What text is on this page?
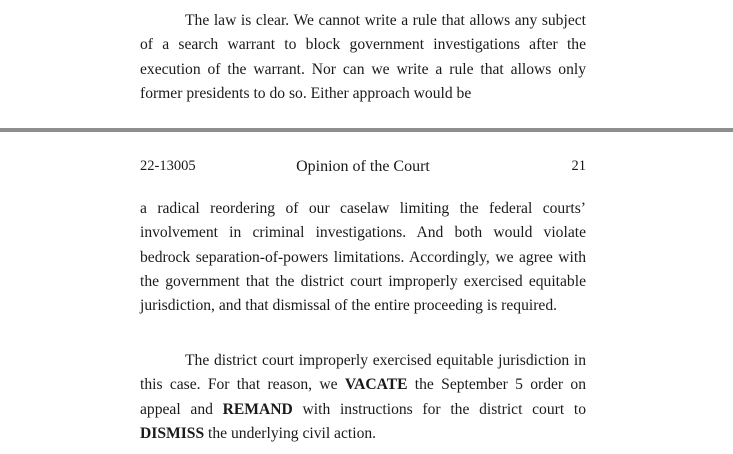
The law is clear. We cannot write a rule that allows any subject of a search warrant to block government investigations after the execution of the warrant. Nor can we write a rule that allows only former presidents to do so. Either approach would be

22-13005	Opinion of the Court	21

a radical reordering of our caselaw limiting the federal courts’ involvement in criminal investigations. And both would violate bedrock separation-of-powers limitations. Accordingly, we agree with the government that the district court improperly exercised equitable jurisdiction, and that dismissal of the entire proceeding is required.

The district court improperly exercised equitable jurisdiction in this case. For that reason, we VACATE the September 5 order on appeal and REMAND with instructions for the district court to DISMISS the underlying civil action.
